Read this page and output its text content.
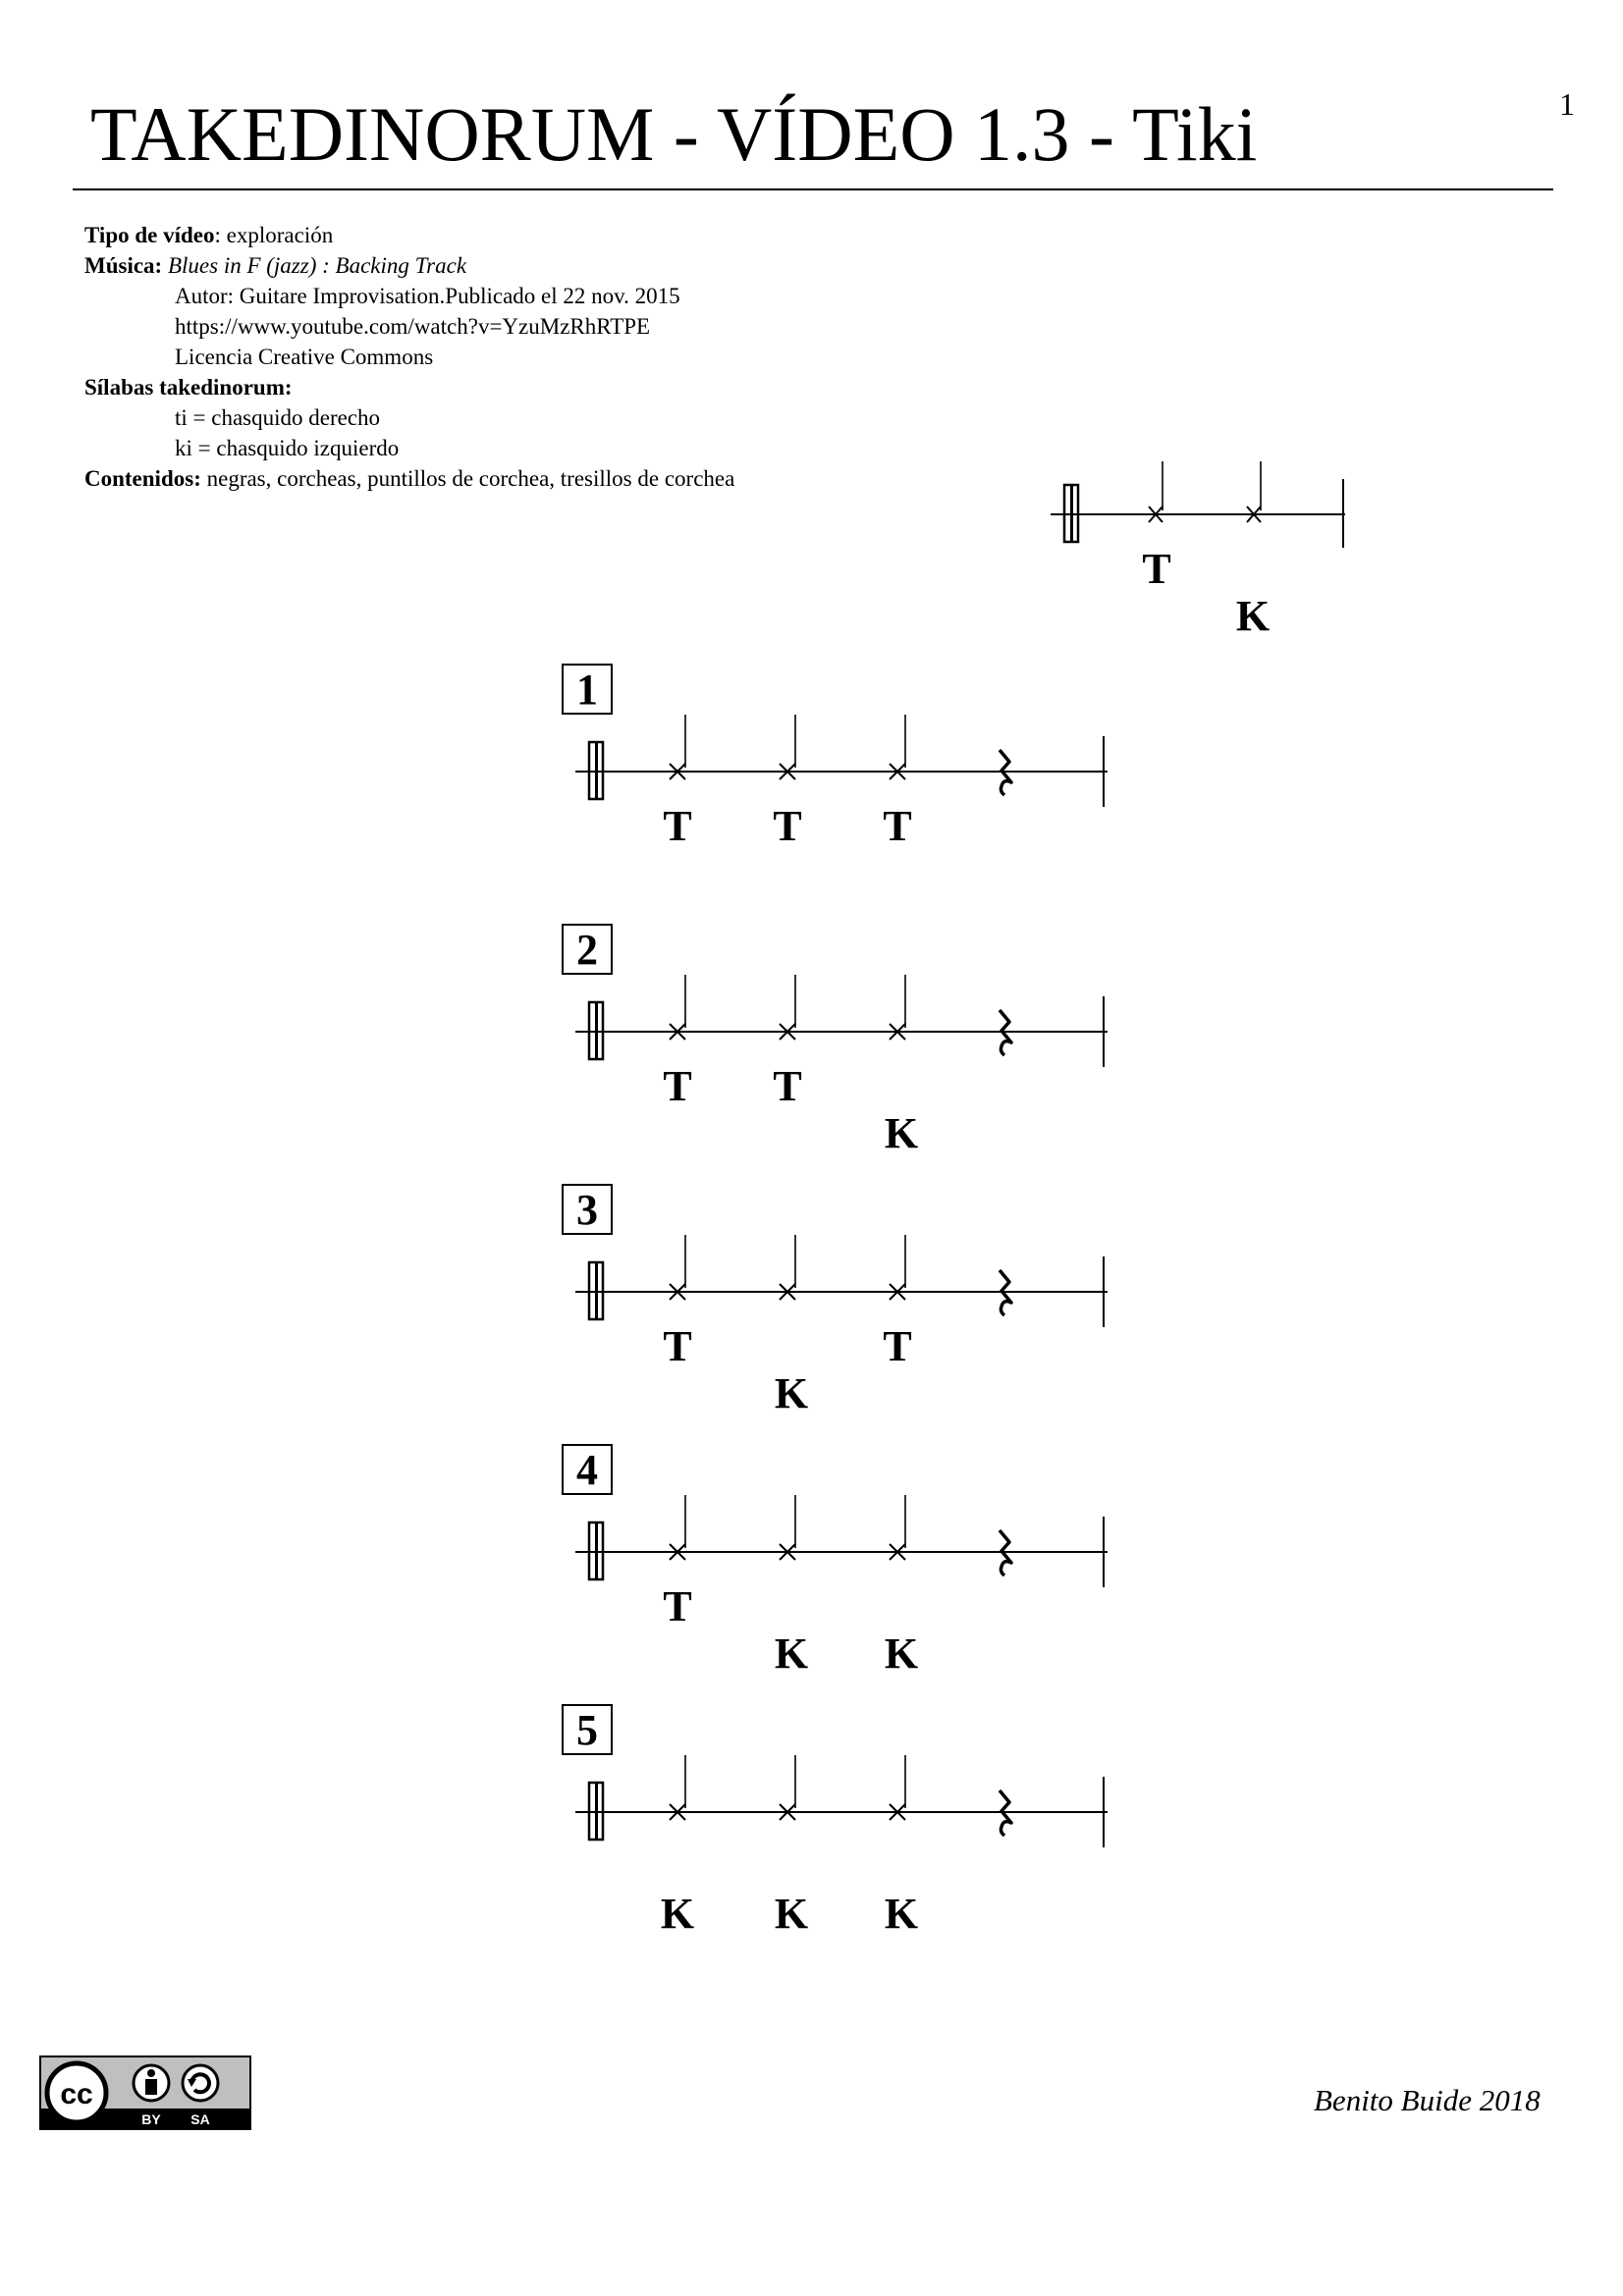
1
TAKEDINORUM - VÍDEO 1.3 - Tiki
Tipo de vídeo: exploración
Música: Blues in F (jazz) : Backing Track
Autor: Guitare Improvisation.Publicado el 22 nov. 2015
https://www.youtube.com/watch?v=YzuMzRhRTPE
Licencia Creative Commons
Sílabas takedinorum:
ti = chasquido derecho
ki = chasquido izquierdo
Contenidos: negras, corcheas, puntillos de corchea, tresillos de corchea
T
K
T T T
1
T T
K
2
T
K
T
3
T
K K
4
K K K
5
cc
BY SA
Benito Buide 2018
